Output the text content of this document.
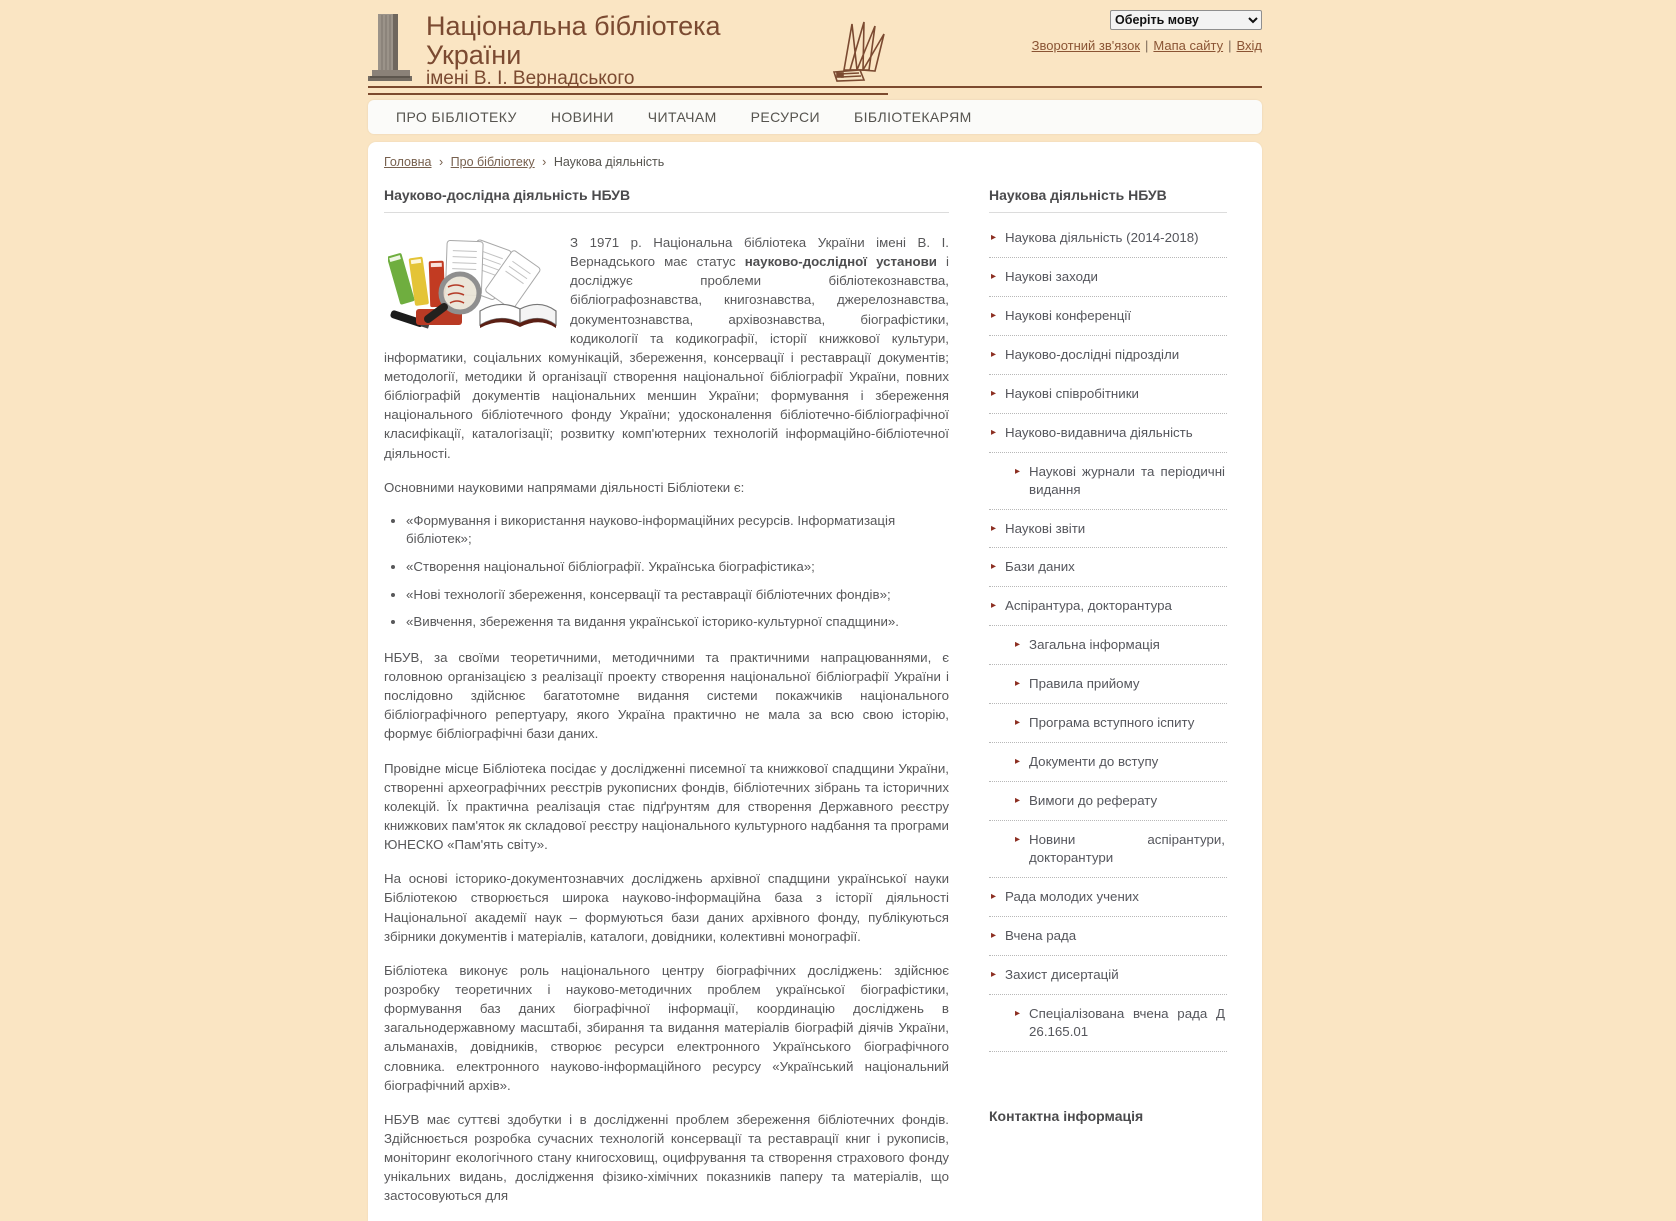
Національна бібліотека України
імені В. І. Вернадського
Оберіть мову
Зворотний зв'язок | Мапа сайту | Вхід
ПРО БІБЛІОТЕКУ НОВИНИ ЧИТАЧАМ РЕСУРСИ БІБЛІОТЕКАРЯМ
Головна › Про бібліотеку › Наукова діяльність
Науково-дослідна діяльність НБУВ

З 1971 р. Національна бібліотека України імені В. І. Вернадського має статус науково-дослідної установи і досліджує проблеми бібліотекознавства, бібліографознавства, книгознавства, джерелознавства, документознавства, архівознавства, біографістики, кодикології та кодикографії, історії книжкової культури, інформатики, соціальних комунікацій, збереження, консервації і реставрації документів; методології, методики й організації створення національної бібліографії України, повних бібліографій документів національних меншин України; формування і збереження національного бібліотечного фонду України; удосконалення бібліотечно-бібліографічної класифікації, каталогізації; розвитку комп'ютерних технологій інформаційно-бібліотечної діяльності.

Основними науковими напрямами діяльності Бібліотеки є:

• «Формування і використання науково-інформаційних ресурсів. Інформатизація бібліотек»;
• «Створення національної бібліографії. Українська біографістика»;
• «Нові технології збереження, консервації та реставрації бібліотечних фондів»;
• «Вивчення, збереження та видання української історико-культурної спадщини».

НБУВ, за своїми теоретичними, методичними та практичними напрацюваннями, є головною організацією з реалізації проекту створення національної бібліографії України і послідовно здійснює багатотомне видання системи покажчиків національного бібліографічного репертуару, якого Україна практично не мала за всю свою історію, формує бібліографічні бази даних.

Провідне місце Бібліотека посідає у дослідженні писемної та книжкової спадщини України, створенні археографічних реєстрів рукописних фондів, бібліотечних зібрань та історичних колекцій. Їх практична реалізація стає підґрунтям для створення Державного реєстру книжкових пам'яток як складової реєстру національного культурного надбання та програми ЮНЕСКО «Пам'ять світу».

На основі історико-документознавчих досліджень архівної спадщини української науки Бібліотекою створюється широка науково-інформаційна база з історії діяльності Національної академії наук – формуються бази даних архівного фонду, публікуються збірники документів і матеріалів, каталоги, довідники, колективні монографії.

Бібліотека виконує роль національного центру біографічних досліджень: здійснює розробку теоретичних і науково-методичних проблем української біографістики, формування баз даних біографічної інформації, координацію досліджень в загальнодержавному масштабі, збирання та видання матеріалів біографій діячів України, альманахів, довідників, створює ресурси електронного Українського біографічного словника. електронного науково-інформаційного ресурсу «Український національний біографічний архів».

НБУВ має суттєві здобутки і в дослідженні проблем збереження бібліотечних фондів. Здійснюється розробка сучасних технологій консервації та реставрації книг і рукописів, моніторинг екологічного стану книгосховищ, оцифрування та створення страхового фонду унікальних видань, дослідження фізико-хімічних показників паперу та матеріалів, що застосовуються для

Наукова діяльність НБУВ
▸ Наукова діяльність (2014-2018)
▸ Наукові заходи
▸ Наукові конференції
▸ Науково-дослідні підрозділи
▸ Наукові співробітники
▸ Науково-видавнича діяльність
▸ Наукові журнали та періодичні видання
▸ Наукові звіти
▸ Бази даних
▸ Аспірантура, докторантура
▸ Загальна інформація
▸ Правила прийому
▸ Програма вступного іспиту
▸ Документи до вступу
▸ Вимоги до реферату
▸ Новини аспірантури, докторантури
▸ Рада молодих учених
▸ Вчена рада
▸ Захист дисертацій
▸ Спеціалізована вчена рада Д 26.165.01
Контактна інформація
